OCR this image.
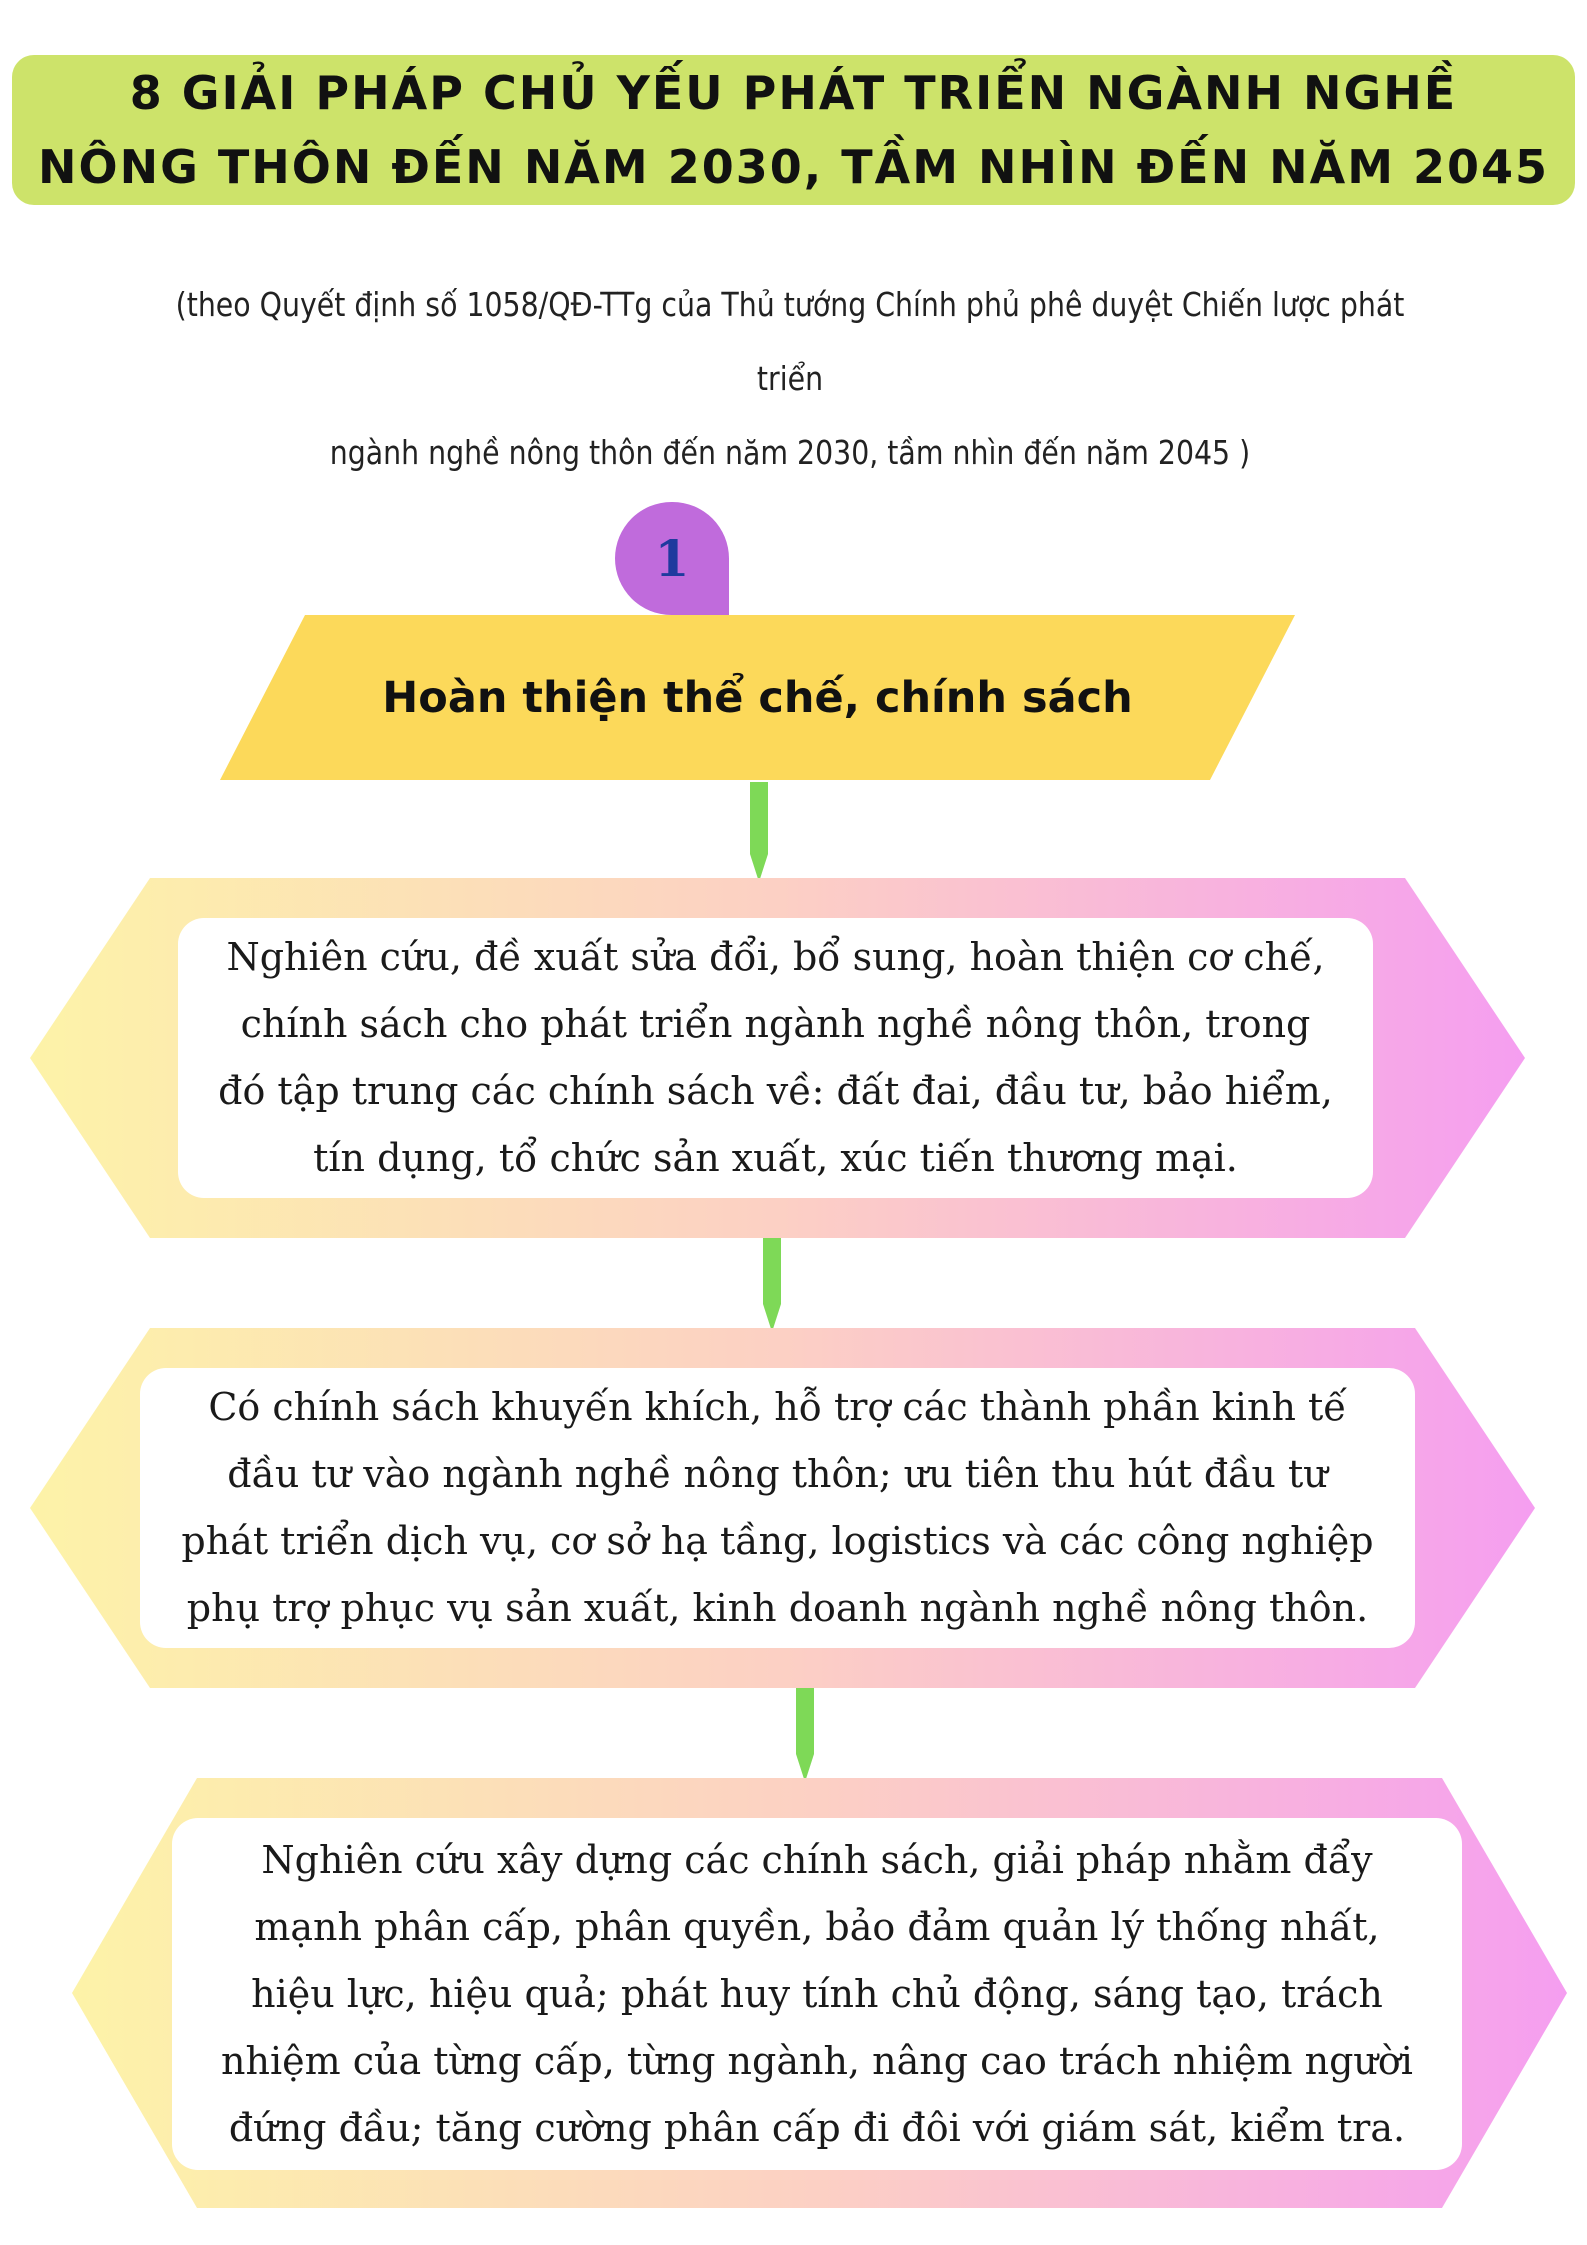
8 GIẢI PHÁP CHỦ YẾU PHÁT TRIỂN NGÀNH NGHỀ
NÔNG THÔN ĐẾN NĂM 2030, TẦM NHÌN ĐẾN NĂM 2045
(theo Quyết định số 1058/QĐ-TTg của Thủ tướng Chính phủ phê duyệt Chiến lược phát triển
ngành nghề nông thôn đến năm 2030, tầm nhìn đến năm 2045 )
1
Hoàn thiện thể chế, chính sách
Nghiên cứu, đề xuất sửa đổi, bổ sung, hoàn thiện cơ chế,
chính sách cho phát triển ngành nghề nông thôn, trong
đó tập trung các chính sách về: đất đai, đầu tư, bảo hiểm,
tín dụng, tổ chức sản xuất, xúc tiến thương mại.
Có chính sách khuyến khích, hỗ trợ các thành phần kinh tế
đầu tư vào ngành nghề nông thôn; ưu tiên thu hút đầu tư
phát triển dịch vụ, cơ sở hạ tầng, logistics và các công nghiệp
phụ trợ phục vụ sản xuất, kinh doanh ngành nghề nông thôn.
Nghiên cứu xây dựng các chính sách, giải pháp nhằm đẩy
mạnh phân cấp, phân quyền, bảo đảm quản lý thống nhất,
hiệu lực, hiệu quả; phát huy tính chủ động, sáng tạo, trách
nhiệm của từng cấp, từng ngành, nâng cao trách nhiệm người
đứng đầu; tăng cường phân cấp đi đôi với giám sát, kiểm tra.
